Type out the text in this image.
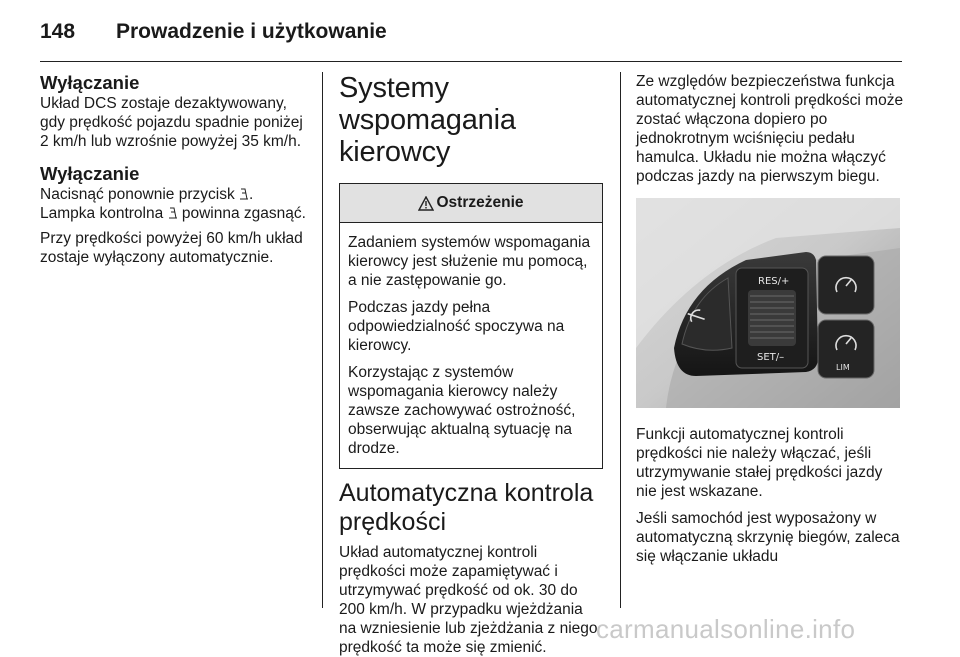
148 Prowadzenie i użytkowanie
Wyłączanie

Układ DCS zostaje dezaktywowany, gdy prędkość pojazdu spadnie poniżej 2 km/h lub wzrośnie powyżej 35 km/h.

Wyłączanie

Nacisnąć ponownie przycisk .

Lampka kontrolna powinna zgasnąć.

Przy prędkości powyżej 60 km/h układ zostaje wyłączony automatycznie.

Systemy wspomagania kierowcy
Ostrzeżenie

Zadaniem systemów wspomagania kierowcy jest służenie mu pomocą, a nie zastępowanie go.

Podczas jazdy pełna odpowiedzialność spoczywa na kierowcy.

Korzystając z systemów wspomagania kierowcy należy zawsze zachowywać ostrożność, obserwując aktualną sytuację na drodze.

Automatyczna kontrola prędkości

Układ automatycznej kontroli prędkości może zapamiętywać i utrzymywać prędkość od ok. 30 do 200 km/h. W przypadku wjeżdżania na wzniesienie lub zjeżdżania z niego prędkość ta może się zmienić.

Ze względów bezpieczeństwa funkcja automatycznej kontroli prędkości może zostać włączona dopiero po jednokrotnym wciśnięciu pedału hamulca. Układu nie można włączyć podczas jazdy na pierwszym biegu.

RES/+
SET/–
LIM

Funkcji automatycznej kontroli prędkości nie należy włączać, jeśli utrzymywanie stałej prędkości jazdy nie jest wskazane.

Jeśli samochód jest wyposażony w automatyczną skrzynię biegów, zaleca się włączanie układu

carmanualsonline.info
